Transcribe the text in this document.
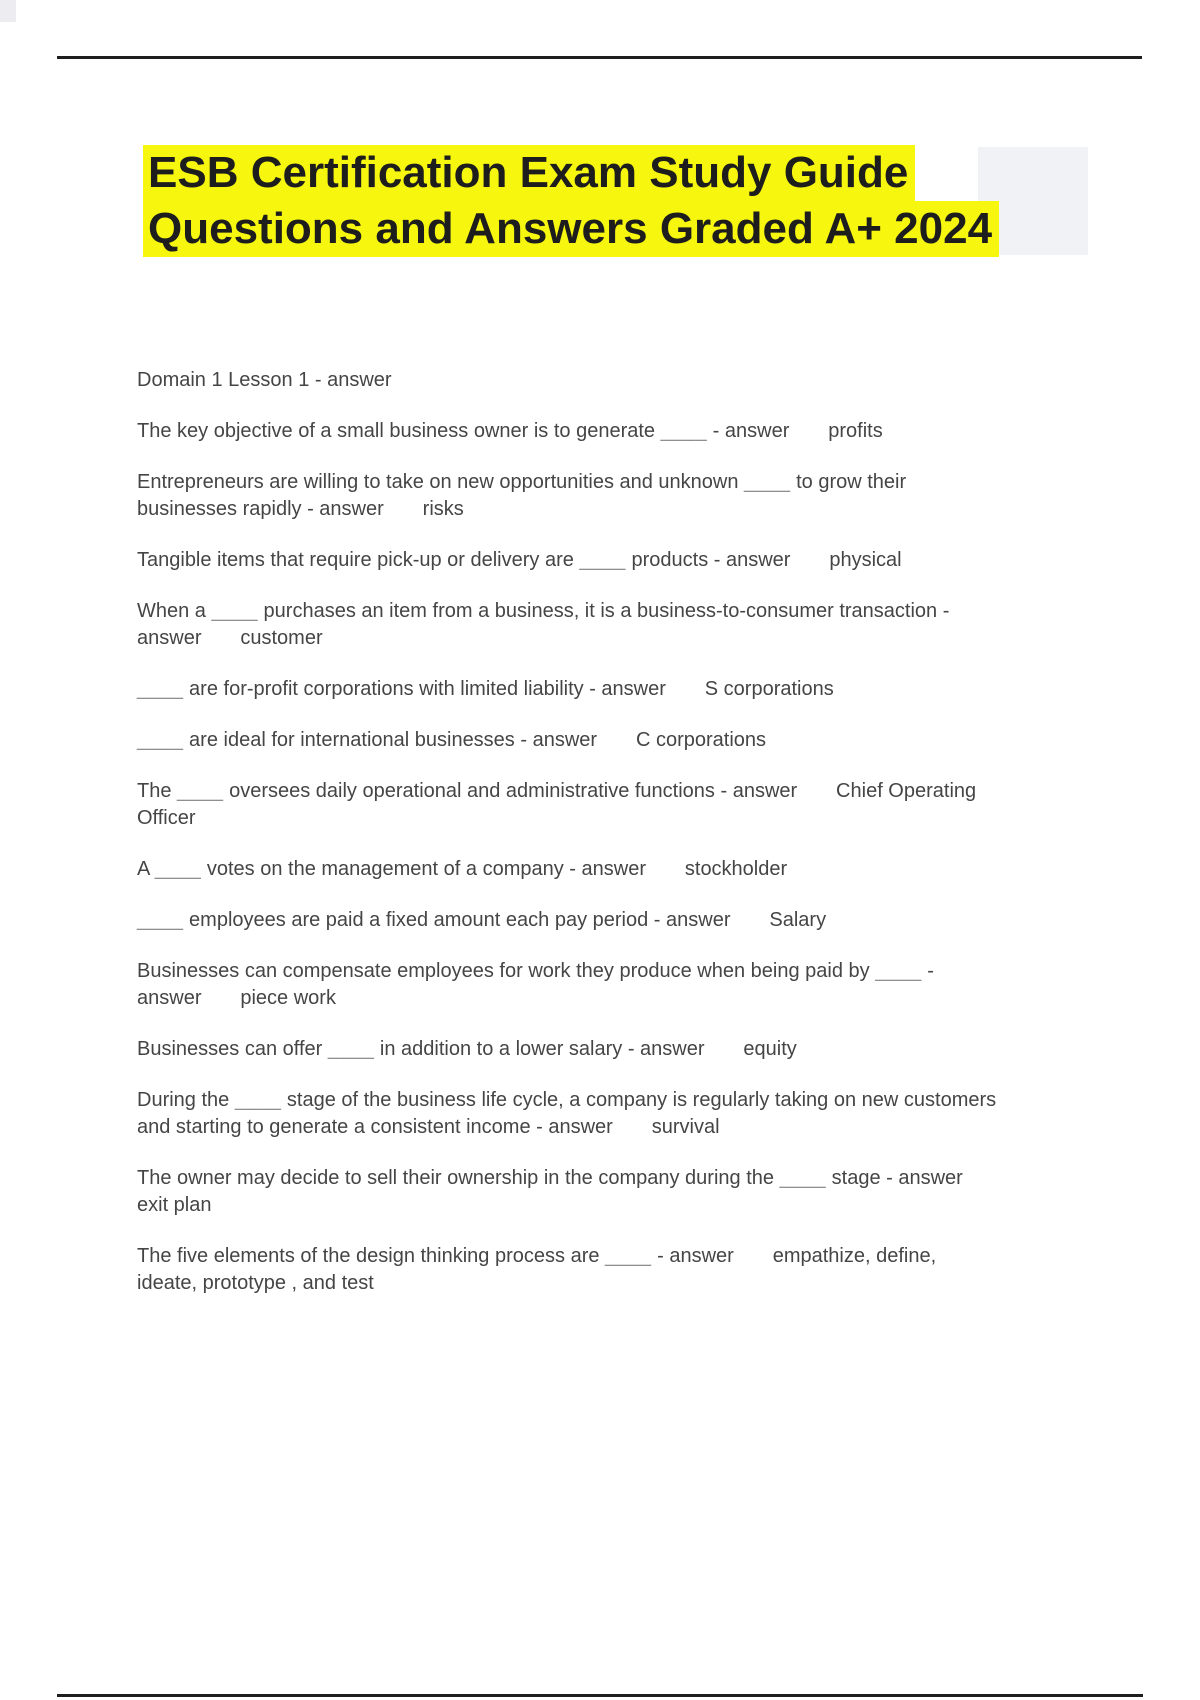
ESB Certification Exam Study Guide
Questions and Answers Graded A+ 2024

Domain 1 Lesson 1 - answer

The key objective of a small business owner is to generate ____ - answer       profits

Entrepreneurs are willing to take on new opportunities and unknown ____ to grow their businesses rapidly - answer       risks

Tangible items that require pick-up or delivery are ____ products - answer       physical

When a ____ purchases an item from a business, it is a business-to-consumer transaction - answer       customer

____ are for-profit corporations with limited liability - answer       S corporations

____ are ideal for international businesses - answer       C corporations

The ____ oversees daily operational and administrative functions - answer       Chief Operating Officer

A ____ votes on the management of a company - answer       stockholder

____ employees are paid a fixed amount each pay period - answer       Salary

Businesses can compensate employees for work they produce when being paid by ____ - answer       piece work

Businesses can offer ____ in addition to a lower salary - answer       equity

During the ____ stage of the business life cycle, a company is regularly taking on new customers and starting to generate a consistent income - answer       survival

The owner may decide to sell their ownership in the company during the ____ stage - answer       exit plan

The five elements of the design thinking process are ____ - answer       empathize, define, ideate, prototype , and test
